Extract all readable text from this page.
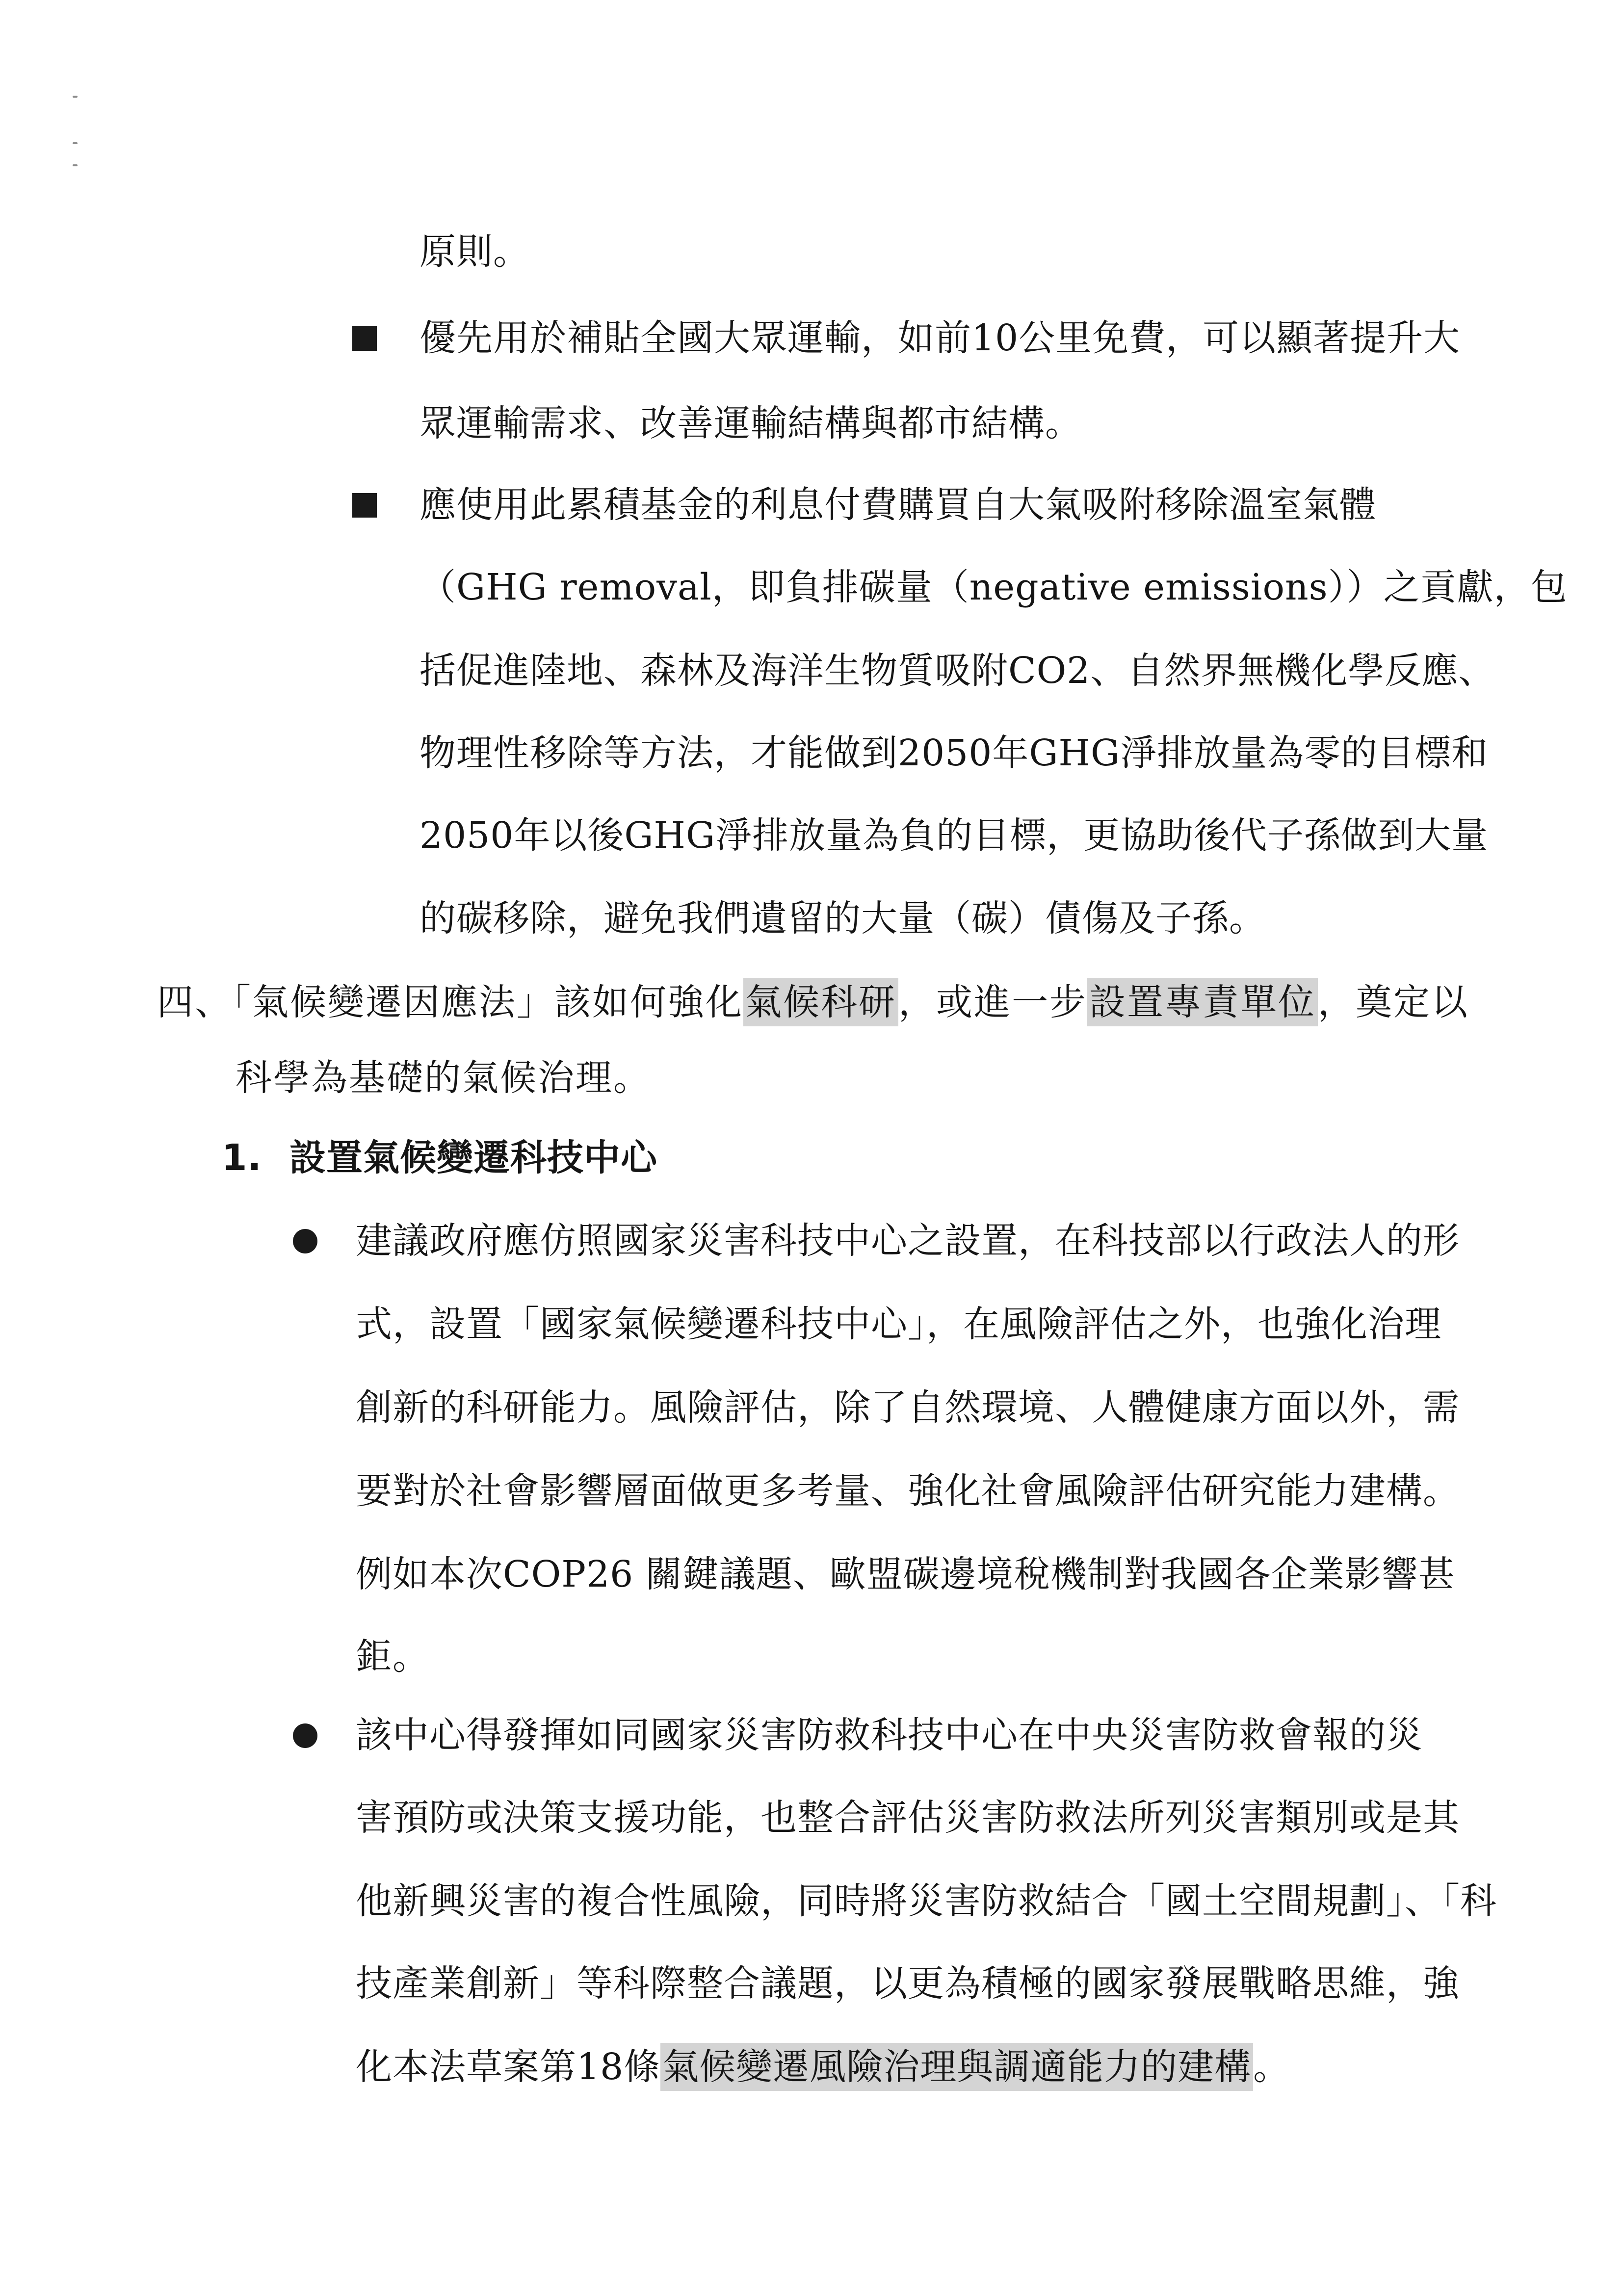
原則。
優先用於補貼全國大眾運輸，如前10公里免費，可以顯著提升大
眾運輸需求、改善運輸結構與都市結構。
應使用此累積基金的利息付費購買自大氣吸附移除溫室氣體
（GHG removal，即負排碳量（negative emissions））之貢獻，包
括促進陸地、森林及海洋生物質吸附CO2、自然界無機化學反應、
物理性移除等方法，才能做到2050年GHG淨排放量為零的目標和
2050年以後GHG淨排放量為負的目標，更協助後代子孫做到大量
的碳移除，避免我們遺留的大量（碳）債傷及子孫。
四、「氣候變遷因應法」該如何強化氣候科研，或進一步設置專責單位，奠定以
科學為基礎的氣候治理。
1. 設置氣候變遷科技中心
建議政府應仿照國家災害科技中心之設置，在科技部以行政法人的形
式，設置「國家氣候變遷科技中心」，在風險評估之外，也強化治理
創新的科研能力。風險評估，除了自然環境、人體健康方面以外，需
要對於社會影響層面做更多考量、強化社會風險評估研究能力建構。
例如本次COP26 關鍵議題、歐盟碳邊境稅機制對我國各企業影響甚
鉅。
該中心得發揮如同國家災害防救科技中心在中央災害防救會報的災
害預防或決策支援功能，也整合評估災害防救法所列災害類別或是其
他新興災害的複合性風險，同時將災害防救結合「國土空間規劃」、「科
技產業創新」等科際整合議題，以更為積極的國家發展戰略思維，強
化本法草案第18條氣候變遷風險治理與調適能力的建構。
